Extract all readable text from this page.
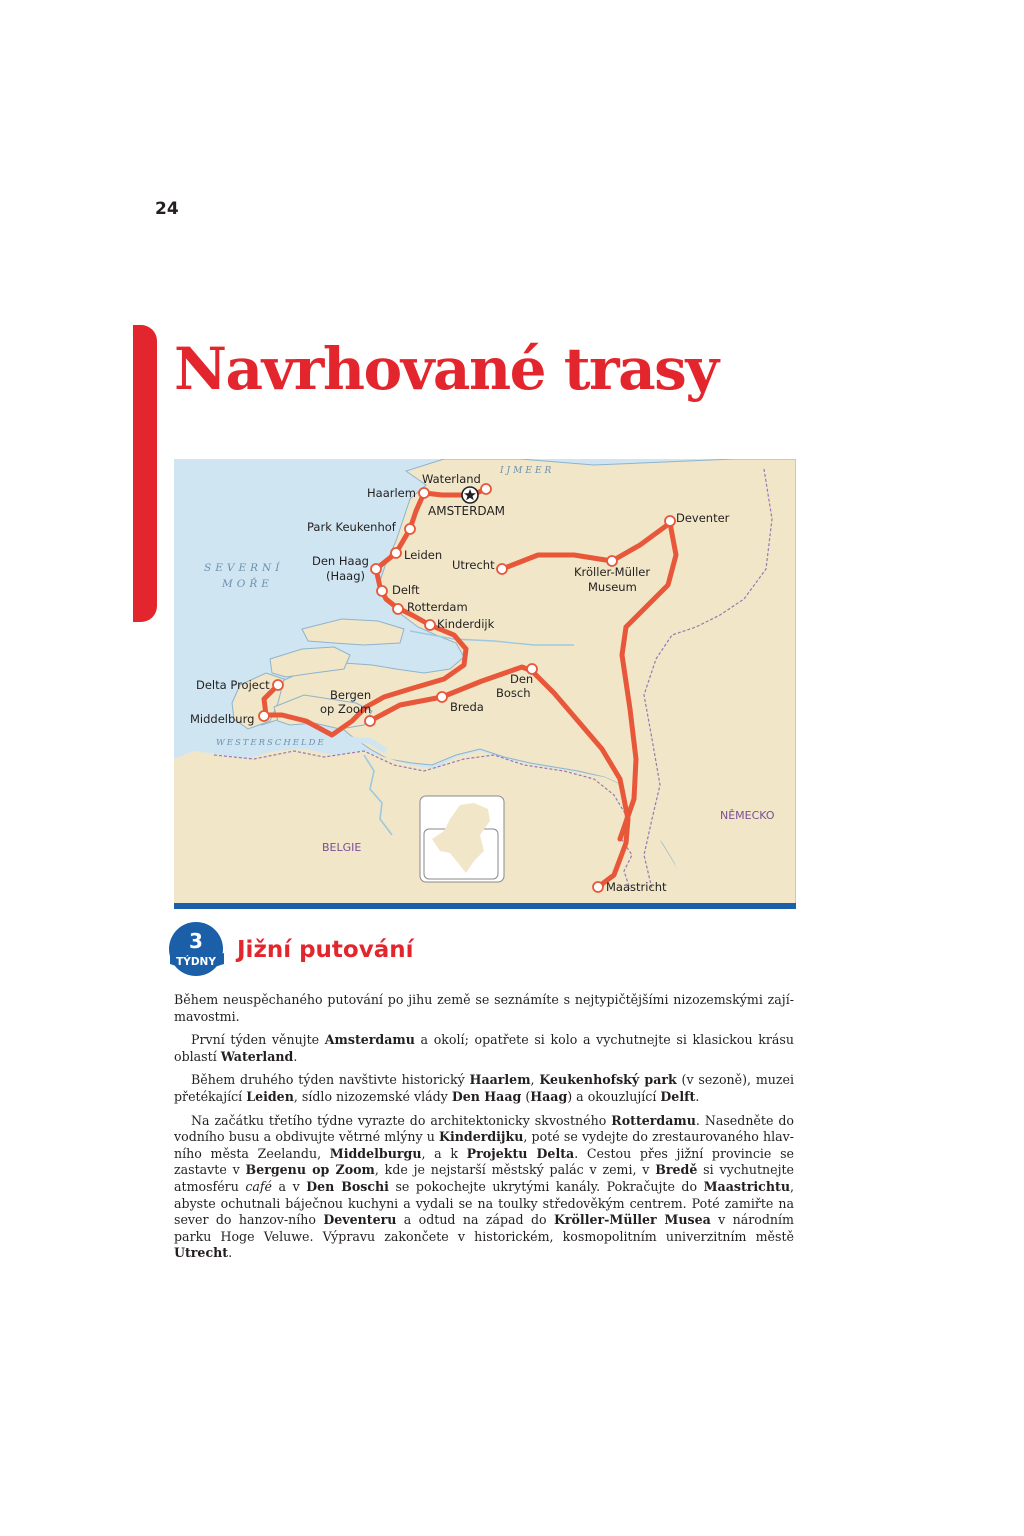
24
Navrhované trasy
SEVERNÍ
MOŘE
IJMEER
WESTERSCHELDE
BELGIE
NĚMECKO
AMSTERDAM
Waterland
Haarlem
Park Keukenhof
Leiden
Den Haag
(Haag)
Utrecht	Kröller-Müller
Museum
Deventer
Delft
Rotterdam
Kinderdijk
Delta Project
Middelburg
Bergen
op Zoom	Breda
Den
Bosch
Maastricht
3
TÝDNY Jižní putování

Během neuspěchaného putování po jihu země se seznámíte s nejtypičtějšími nizozemskými zají-mavostmi.

První týden věnujte Amsterdamu a okolí; opatřete si kolo a vychutnejte si klasickou krásu oblastí Waterland.

Během druhého týden navštivte historický Haarlem, Keukenhofský park (v sezoně), muzei přetékající Leiden, sídlo nizozemské vlády Den Haag (Haag) a okouzlující Delft.

Na začátku třetího týdne vyrazte do architektonicky skvostného Rotterdamu. Nasedněte do vodního busu a obdivujte větrné mlýny u Kinderdijku, poté se vydejte do zrestaurovaného hlav-ního města Zeelandu, Middelburgu, a k Projektu Delta. Cestou přes jižní provincie se zastavte v Bergenu op Zoom, kde je nejstarší městský palác v zemi, v Bredě si vychutnejte atmosféru café a v Den Boschi se pokochejte ukrytými kanály. Pokračujte do Maastrichtu, abyste ochutnali báječnou kuchyni a vydali se na toulky středověkým centrem. Poté zamiřte na sever do hanzov-ního Deventeru a odtud na západ do Kröller-Müller Musea v národním parku Hoge Veluwe. Výpravu zakončete v historickém, kosmopolitním univerzitním městě Utrecht.
